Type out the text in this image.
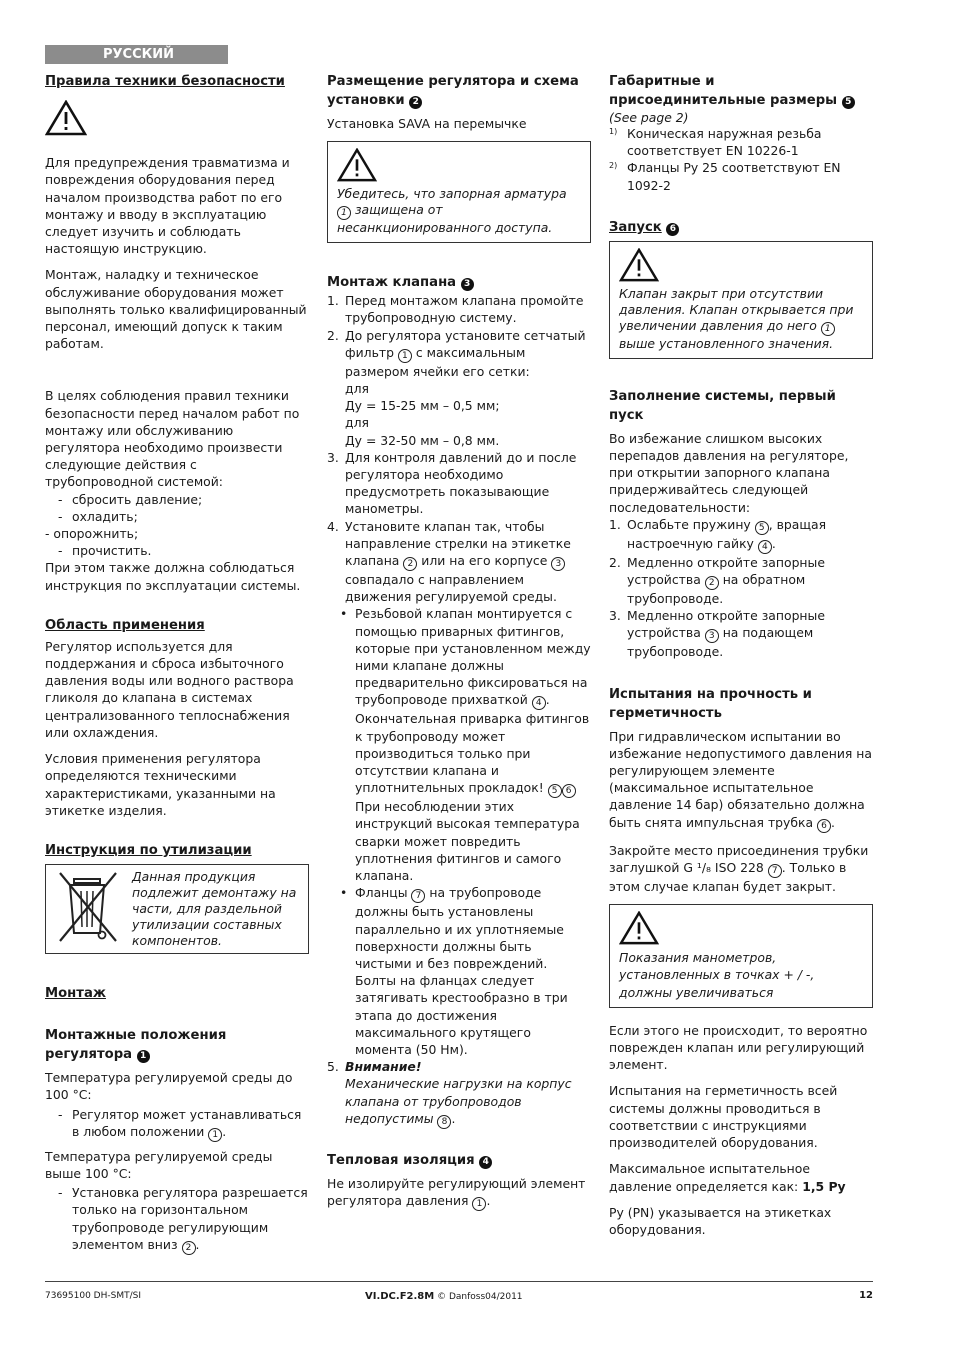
РУССКИЙ
Правила техники безопасности

Для предупреждения травматизма и повреждения оборудования перед началом производства работ по его монтажу и вводу в эксплуатацию следует изучить и соблюдать настоящую инструкцию.

Монтаж, наладку и техническое обслуживание оборудования может выполнять только квалифицированный персонал, имеющий допуск к таким работам.

В целях соблюдения правил техники безопасности перед началом работ по монтажу или обслуживанию регулятора необходимо произвести следующие действия с трубопроводной системой:

- сбросить давление;
- охладить;
- опорожнить;
- прочистить.

При этом также должна соблюдаться инструкция по эксплуатации системы.

Область применения

Регулятор используется для поддержания и сброса избыточного давления воды или водного раствора гликоля до клапана в системах централизованного теплоснабжения или охлаждения.

Условия применения регулятора определяются техническими характеристиками, указанными на этикетке изделия.

Инструкция по утилизации

Данная продукция подлежит демонтажу на части, для раздельной утилизации составных компонентов.

Монтаж
Монтажные положения регулятора 1

Температура регулируемой среды до 100 °C:

- Регулятор может устанавливаться в любом положении 1 .

Температура регулируемой среды выше 100 °C:

- Установка регулятора разрешается только на горизонтальном трубопроводе регулирующим элементом вниз 2 .
Размещение регулятора и схема установки 2

Установка SAVA на перемычке

Убедитесь, что запорная арматура 1 защищена от несанкционированного доступа.
Монтаж клапана 3
1. Перед монтажом клапана промойте трубопроводную систему.
2. До регулятора установите сетчатый фильтр 1 с максимальным размером ячейки его сетки:
для
Ду = 15-25 мм – 0,5 мм;
для
Ду = 32-50 мм – 0,8 мм.
3. Для контроля давлений до и после регулятора необходимо предусмотреть показывающие манометры.
4. Установите клапан так, чтобы направление стрелки на этикетке клапана 2 или на его корпусе 3 совпадало с направлением движения регулируемой среды.
• Резьбовой клапан монтируется с помощью приварных фитингов, которые при установленном между ними клапане должны предварительно фиксироваться на трубопроводе прихваткой 4 . Окончательная приварка фитингов к трубопроводу может производиться только при отсутствии клапана и уплотнительных прокладок! 5 6
При несоблюдении этих инструкций высокая температура сварки может повредить уплотнения фитингов и самого клапана.
• Фланцы 7 на трубопроводе должны быть установлены параллельно и их уплотняемые поверхности должны быть чистыми и без повреждений. Болты на фланцах следует затягивать крестообразно в три этапа до достижения максимального крутящего момента (50 Нм).
5. Внимание!
Механические нагрузки на корпус клапана от трубопроводов недопустимы 8 .
Тепловая изоляция 4

Не изолируйте регулирующий элемент регулятора давления 1 .

Габаритные и присоединительные размеры 5

(See page 2)

1) Коническая наружная резьба соответствует EN 10226-1
2) Фланцы Ру 25 соответствуют EN 1092-2
Запуск 6
Клапан закрыт при отсутствии давления. Клапан открывается при увеличении давления до него 1 выше установленного значения.
Заполнение системы, первый пуск

Во избежание слишком высоких перепадов давления на регуляторе, при открытии запорного клапана придерживайтесь следующей последовательности:

1. Ослабьте пружину 5 , вращая настроечную гайку 4 .
2. Медленно откройте запорные устройства 2 на обратном трубопроводе.
3. Медленно откройте запорные устройства 3 на подающем трубопроводе.
Испытания на прочность и герметичность

При гидравлическом испытании во избежание недопустимого давления на регулирующем элементе (максимальное испытательное давление 14 бар) обязательно должна быть снята импульсная трубка 6 .

Закройте место присоединения трубки заглушкой G ¹/₈ ISO 228 7 . Только в этом случае клапан будет закрыт.

Показания манометров, установленных в точках + / -, должны увеличиваться

Если этого не происходит, то вероятно поврежден клапан или регулирующий элемент.

Испытания на герметичность всей системы должны проводиться в соответствии с инструкциями производителей оборудования.

Максимальное испытательное давление определяется как: 1,5 Ру

Ру (PN) указывается на этикетках оборудования.

73695100 DH-SMT/SI	VI.DC.F2.8M © Danfoss04/2011	12
